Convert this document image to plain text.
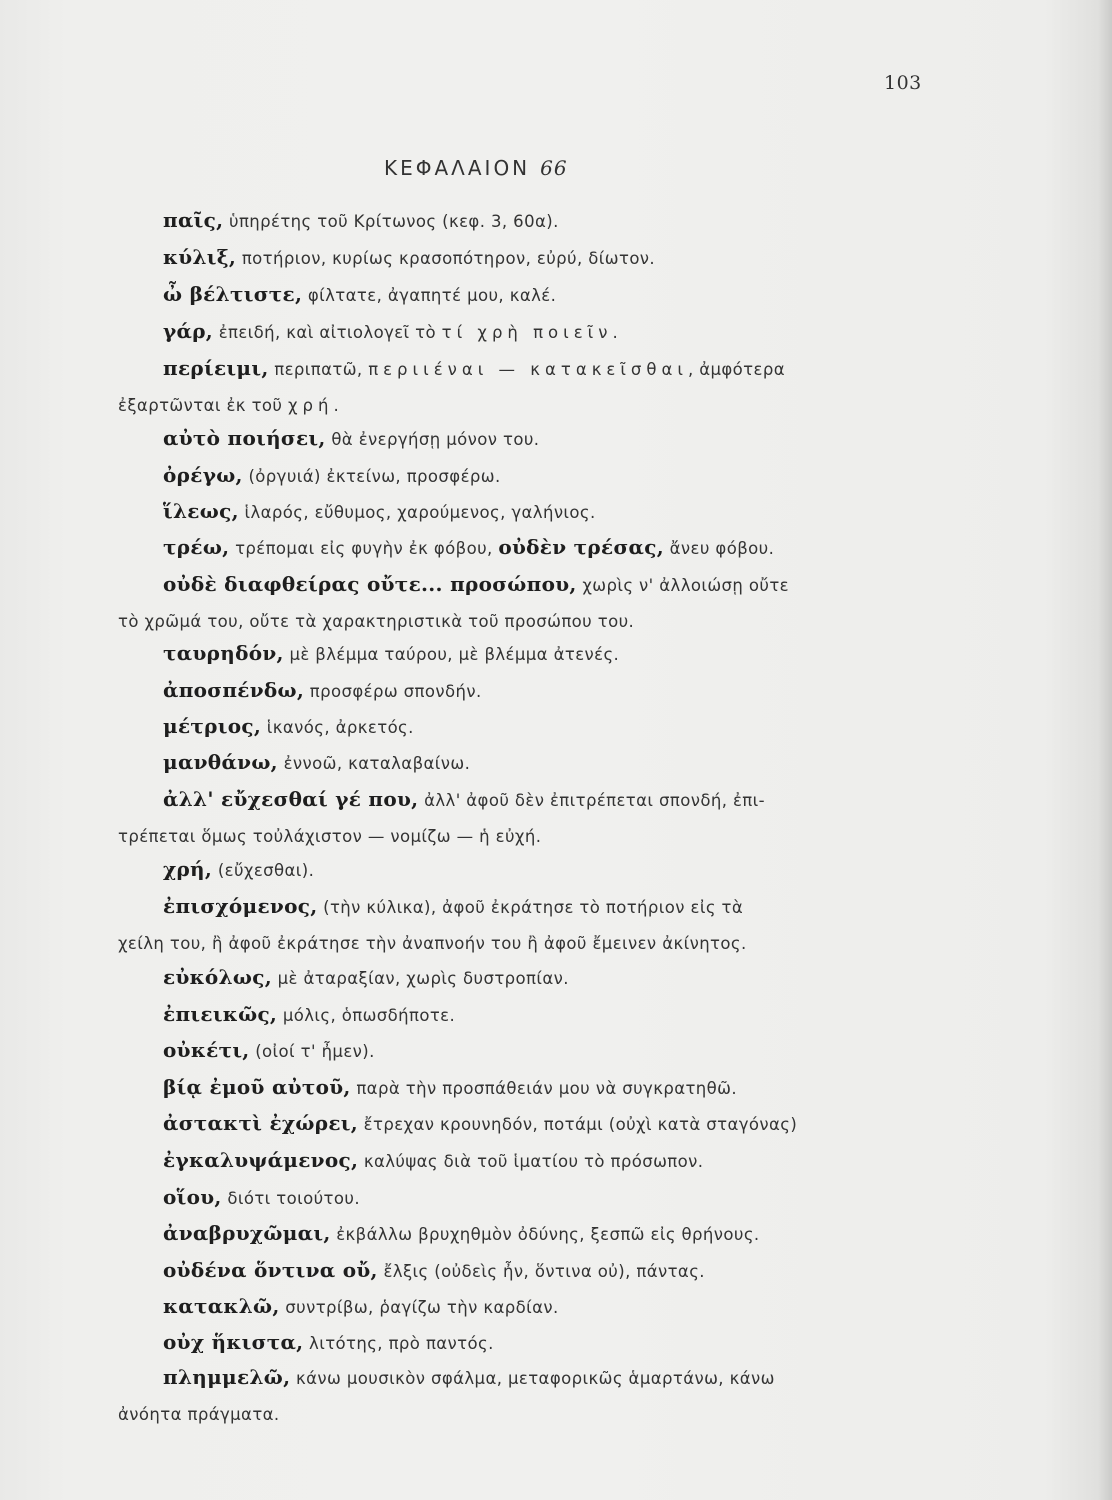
103
ΚΕΦΑΛΑΙΟΝ 66
παῖς, ὑπηρέτης τοῦ Κρίτωνος (κεφ. 3, 60α).
κύλιξ, ποτήριον, κυρίως κρασοπότηρον, εὐρύ, δίωτον.
ὦ βέλτιστε, φίλτατε, ἀγαπητέ μου, καλέ.
γάρ, ἐπειδή, καὶ αἰτιολογεῖ τὸ τί χρὴ ποιεῖν.
περίειμι, περιπατῶ, περιιέναι — κατακεῖσθαι, ἀμφότερα
ἐξαρτῶνται ἐκ τοῦ χρή.
αὐτὸ ποιήσει, θὰ ἐνεργήσῃ μόνον του.
ὀρέγω, (ὀργυιά) ἐκτείνω, προσφέρω.
ἵλεως, ἱλαρός, εὔθυμος, χαρούμενος, γαλήνιος.
τρέω, τρέπομαι εἰς φυγὴν ἐκ φόβου, οὐδὲν τρέσας, ἄνευ φόβου.
οὐδὲ διαφθείρας οὔτε... προσώπου, χωρὶς ν' ἀλλοιώσῃ οὔτε
τὸ χρῶμά του, οὔτε τὰ χαρακτηριστικὰ τοῦ προσώπου του.
ταυρηδόν, μὲ βλέμμα ταύρου, μὲ βλέμμα ἀτενές.
ἀποσπένδω, προσφέρω σπονδήν.
μέτριος, ἱκανός, ἀρκετός.
μανθάνω, ἐννοῶ, καταλαβαίνω.
ἀλλ' εὔχεσθαί γέ που, ἀλλ' ἀφοῦ δὲν ἐπιτρέπεται σπονδή, ἐπι-
τρέπεται ὅμως τοὐλάχιστον — νομίζω — ἡ εὐχή.
χρή, (εὔχεσθαι).
ἐπισχόμενος, (τὴν κύλικα), ἀφοῦ ἐκράτησε τὸ ποτήριον εἰς τὰ
χείλη του, ἢ ἀφοῦ ἐκράτησε τὴν ἀναπνοήν του ἢ ἀφοῦ ἔμεινεν ἀκίνητος.
εὐκόλως, μὲ ἀταραξίαν, χωρὶς δυστροπίαν.
ἐπιεικῶς, μόλις, ὁπωσδήποτε.
οὐκέτι, (οἰοί τ' ἦμεν).
βίᾳ ἐμοῦ αὐτοῦ, παρὰ τὴν προσπάθειάν μου νὰ συγκρατηθῶ.
ἀστακτὶ ἐχώρει, ἔτρεχαν κρουνηδόν, ποτάμι (οὐχὶ κατὰ σταγόνας)
ἐγκαλυψάμενος, καλύψας διὰ τοῦ ἱματίου τὸ πρόσωπον.
οἵου, διότι τοιούτου.
ἀναβρυχῶμαι, ἐκβάλλω βρυχηθμὸν ὀδύνης, ξεσπῶ εἰς θρήνους.
οὐδένα ὅντινα οὔ, ἔλξις (οὐδεὶς ἦν, ὅντινα οὐ), πάντας.
κατακλῶ, συντρίβω, ῥαγίζω τὴν καρδίαν.
οὐχ ἥκιστα, λιτότης, πρὸ παντός.
πλημμελῶ, κάνω μουσικὸν σφάλμα, μεταφορικῶς ἁμαρτάνω, κάνω
ἀνόητα πράγματα.
